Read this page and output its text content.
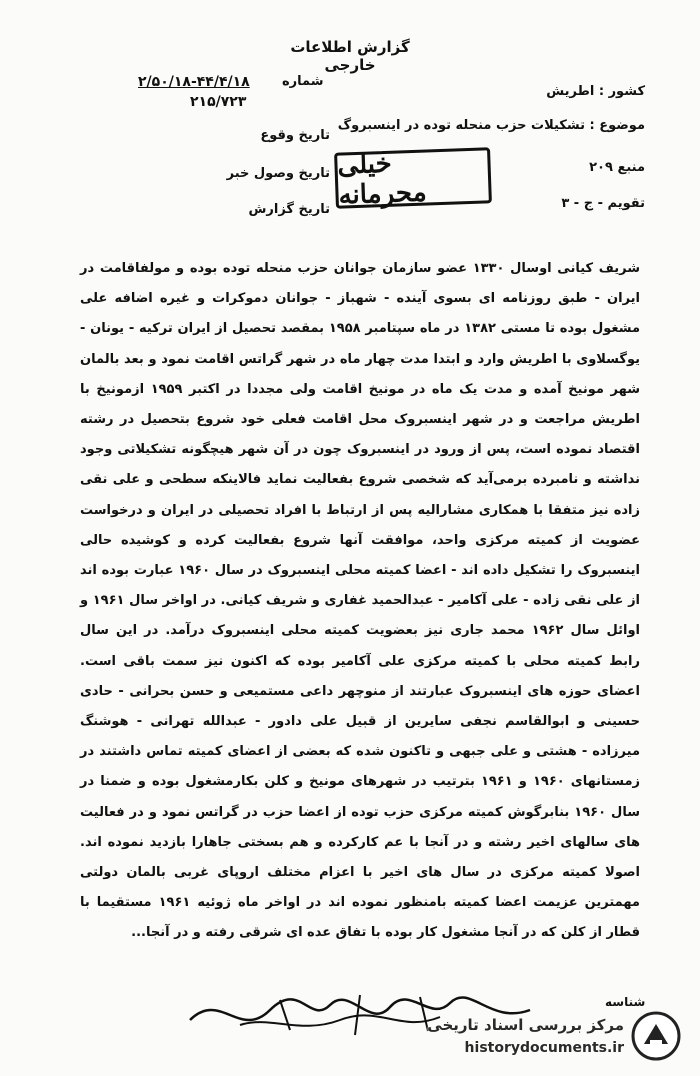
گزارش اطلاعات خارجی
کشور : اطریش
موضوع : تشکیلات حزب منحله توده در اینسبروگ
منبع ۲۰۹
تقویم - ج - ۳
۲/۵۰/۱۸-۴۴/۴/۱۸ شماره
۲۱۵/۷۲۳
تاریخ وقوع
تاریخ وصول خبر
تاریخ گزارش
خیلی محرمانه

شریف کیانی اوسال ۱۳۳۰ عضو سازمان جوانان حزب منحله توده بوده و مولفاقامت در ایران - طبق روزنامه ای بسوی آینده - شهباز - جوانان دموکرات و غیره اضافه علی مشغول بوده تا مستی ۱۳۸۲ در ماه سپتامبر ۱۹۵۸ بمقصد تحصیل از ایران ترکیه - یونان - یوگسلاوی با اطریش وارد و ابتدا مدت چهار ماه در شهر گراتس اقامت نمود و بعد بالمان شهر مونیخ آمده و مدت یک ماه در مونیخ اقامت ولی مجددا در اکتبر ۱۹۵۹ ازمونیخ با اطریش مراجعت و در شهر اینسبروک محل اقامت فعلی خود شروع بتحصیل در رشته اقتصاد نموده است، پس از ورود در اینسبروک چون در آن شهر هیچگونه تشکیلاتی وجود نداشته و نامبرده برمی‌آید که شخصی شروع بفعالیت نماید فالاینکه سطحی و علی نقی زاده نیز متفقا با همکاری مشارالیه پس از ارتباط با افراد تحصیلی در ایران و درخواست عضویت از کمیته مرکزی واحد، موافقت آنها شروع بفعالیت کرده و کوشیده حالی اینسبروک را تشکیل داده اند - اعضا کمیته محلی اینسبروک در سال ۱۹۶۰ عبارت بوده اند از علی نقی زاده - علی آکامیر - عبدالحمید غفاری و شریف کیانی. در اواخر سال ۱۹۶۱ و اوائل سال ۱۹۶۲ محمد جاری نیز بعضویت کمیته محلی اینسبروک درآمد. در این سال رابط کمیته محلی با کمیته مرکزی علی آکامیر بوده که اکنون نیز سمت باقی است. اعضای حوزه های اینسبروک عبارتند از منوچهر داعی مستمیعی و حسن بحرانی - حادی حسینی و ابوالقاسم نجفی سایرین از قبیل علی دادور - عبدالله تهرانی - هوشنگ میرزاده - هشتی و علی جبهی و تاکنون شده که بعضی از اعضای کمیته تماس داشتند در زمستانهای ۱۹۶۰ و ۱۹۶۱ بترتیب در شهرهای مونیخ و کلن بکارمشغول بوده و ضمنا در سال ۱۹۶۰ بنابرگوش کمیته مرکزی حزب توده از اعضا حزب در گراتس نمود و در فعالیت های سالهای اخیر رشته و در آنجا با عم کارکرده و هم بسختی جاهارا بازدید نموده اند. اصولا کمیته مرکزی در سال های اخیر با اعزام مختلف اروپای غربی بالمان دولتی مهمترین عزیمت اعضا کمیته بامنظور نموده اند در اواخر ماه ژوئیه ۱۹۶۱ مستقیما با قطار از کلن که در آنجا مشغول کار بوده با تفاق عده ای شرقی رفته و در آنجا...

شناسه
مرکز بررسی اسناد تاریخی
historydocuments.ir
